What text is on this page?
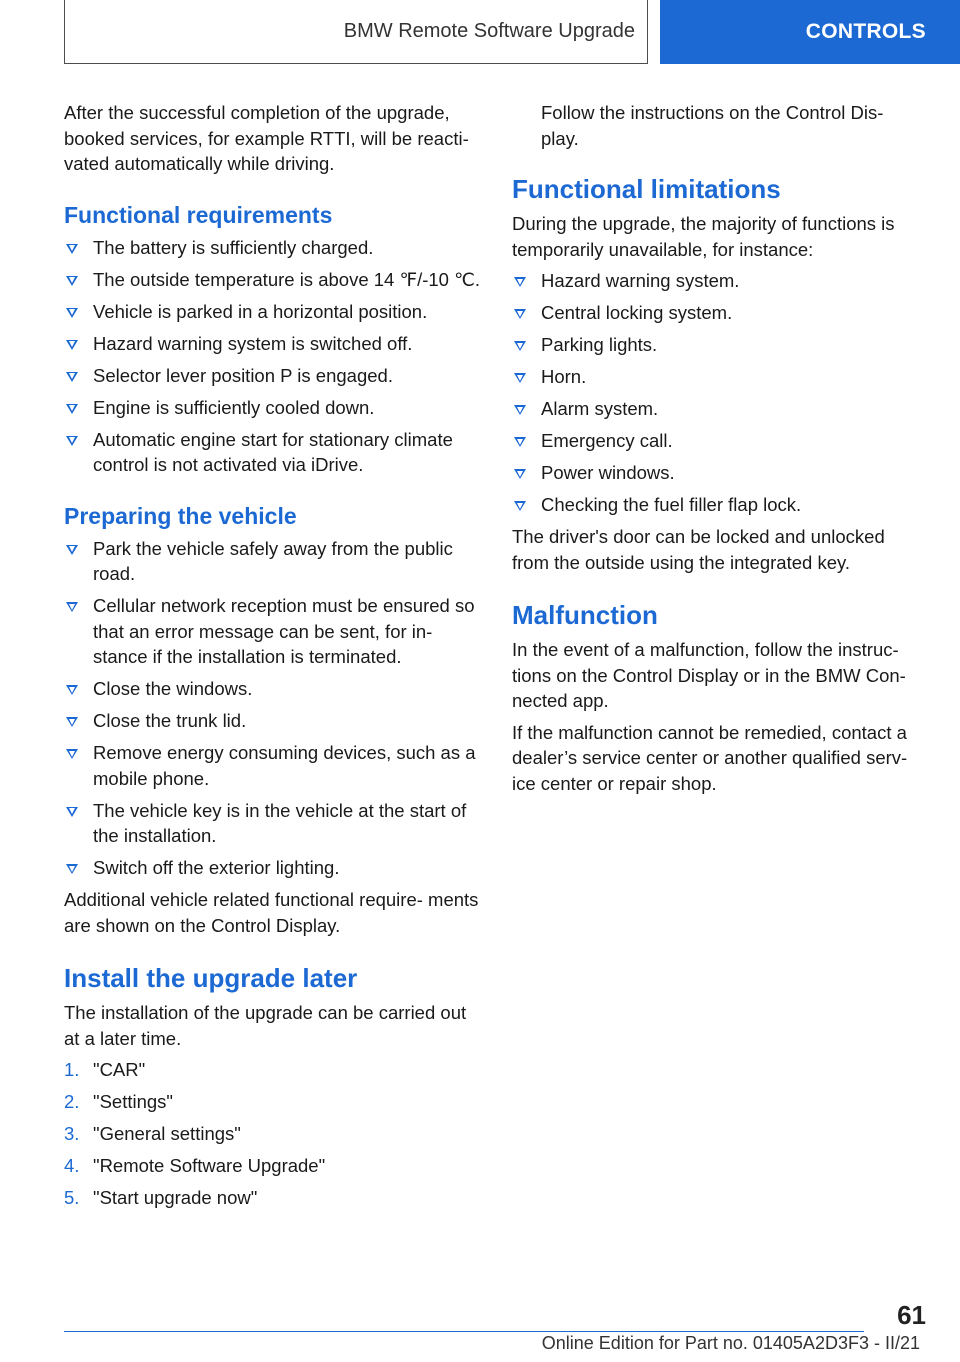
BMW Remote Software Upgrade	CONTROLS

After the successful completion of the upgrade, booked services, for example RTTI, will be reacti‐ vated automatically while driving.

Functional requirements
The battery is sufficiently charged.
The outside temperature is above 14 ℉/-10 ℃.
Vehicle is parked in a horizontal position.
Hazard warning system is switched off.
Selector lever position P is engaged.
Engine is sufficiently cooled down.
Automatic engine start for stationary climate control is not activated via iDrive.
Preparing the vehicle
Park the vehicle safely away from the public road.
Cellular network reception must be ensured so that an error message can be sent, for in‐ stance if the installation is terminated.
Close the windows.
Close the trunk lid.
Remove energy consuming devices, such as a mobile phone.
The vehicle key is in the vehicle at the start of the installation.
Switch off the exterior lighting.

Additional vehicle related functional require‐ ments are shown on the Control Display.

Install the upgrade later

The installation of the upgrade can be carried out at a later time.

1. "CAR"
2. "Settings"
3. "General settings"
4. "Remote Software Upgrade"
5. "Start upgrade now"

Follow the instructions on the Control Dis‐ play.

Functional limitations

During the upgrade, the majority of functions is temporarily unavailable, for instance:

Hazard warning system.
Central locking system.
Parking lights.
Horn.
Alarm system.
Emergency call.
Power windows.
Checking the fuel filler flap lock.

The driver's door can be locked and unlocked from the outside using the integrated key.

Malfunction

In the event of a malfunction, follow the instruc‐ tions on the Control Display or in the BMW Con‐ nected app.

If the malfunction cannot be remedied, contact a dealer’s service center or another qualified serv‐ ice center or repair shop.

61
Online Edition for Part no. 01405A2D3F3 - II/21
